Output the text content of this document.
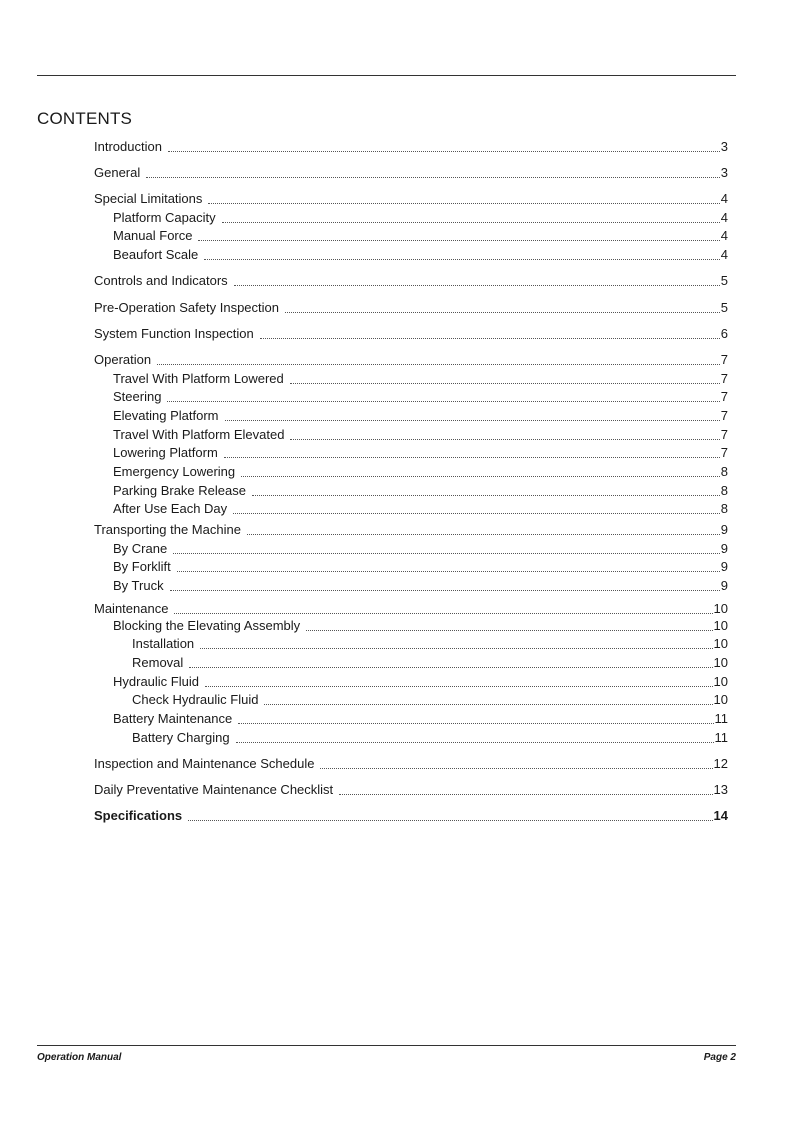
CONTENTS
Introduction	3
General	3
Special Limitations	4
Platform Capacity	4
Manual Force	4
Beaufort Scale	4
Controls and Indicators	5
Pre-Operation Safety Inspection	5
System Function Inspection	6
Operation	7
Travel With Platform Lowered	7
Steering	7
Elevating Platform	7
Travel With Platform Elevated	7
Lowering Platform	7
Emergency Lowering	8
Parking Brake Release	8
After Use Each Day	8
Transporting the Machine	9
By Crane	9
By Forklift	9
By Truck	9
Maintenance	10
Blocking the Elevating Assembly	10
Installation	10
Removal	10
Hydraulic Fluid	10
Check Hydraulic Fluid	10
Battery Maintenance	11
Battery Charging	11
Inspection and Maintenance Schedule	12
Daily Preventative Maintenance Checklist	13
Specifications	14
Operation Manual	Page 2
